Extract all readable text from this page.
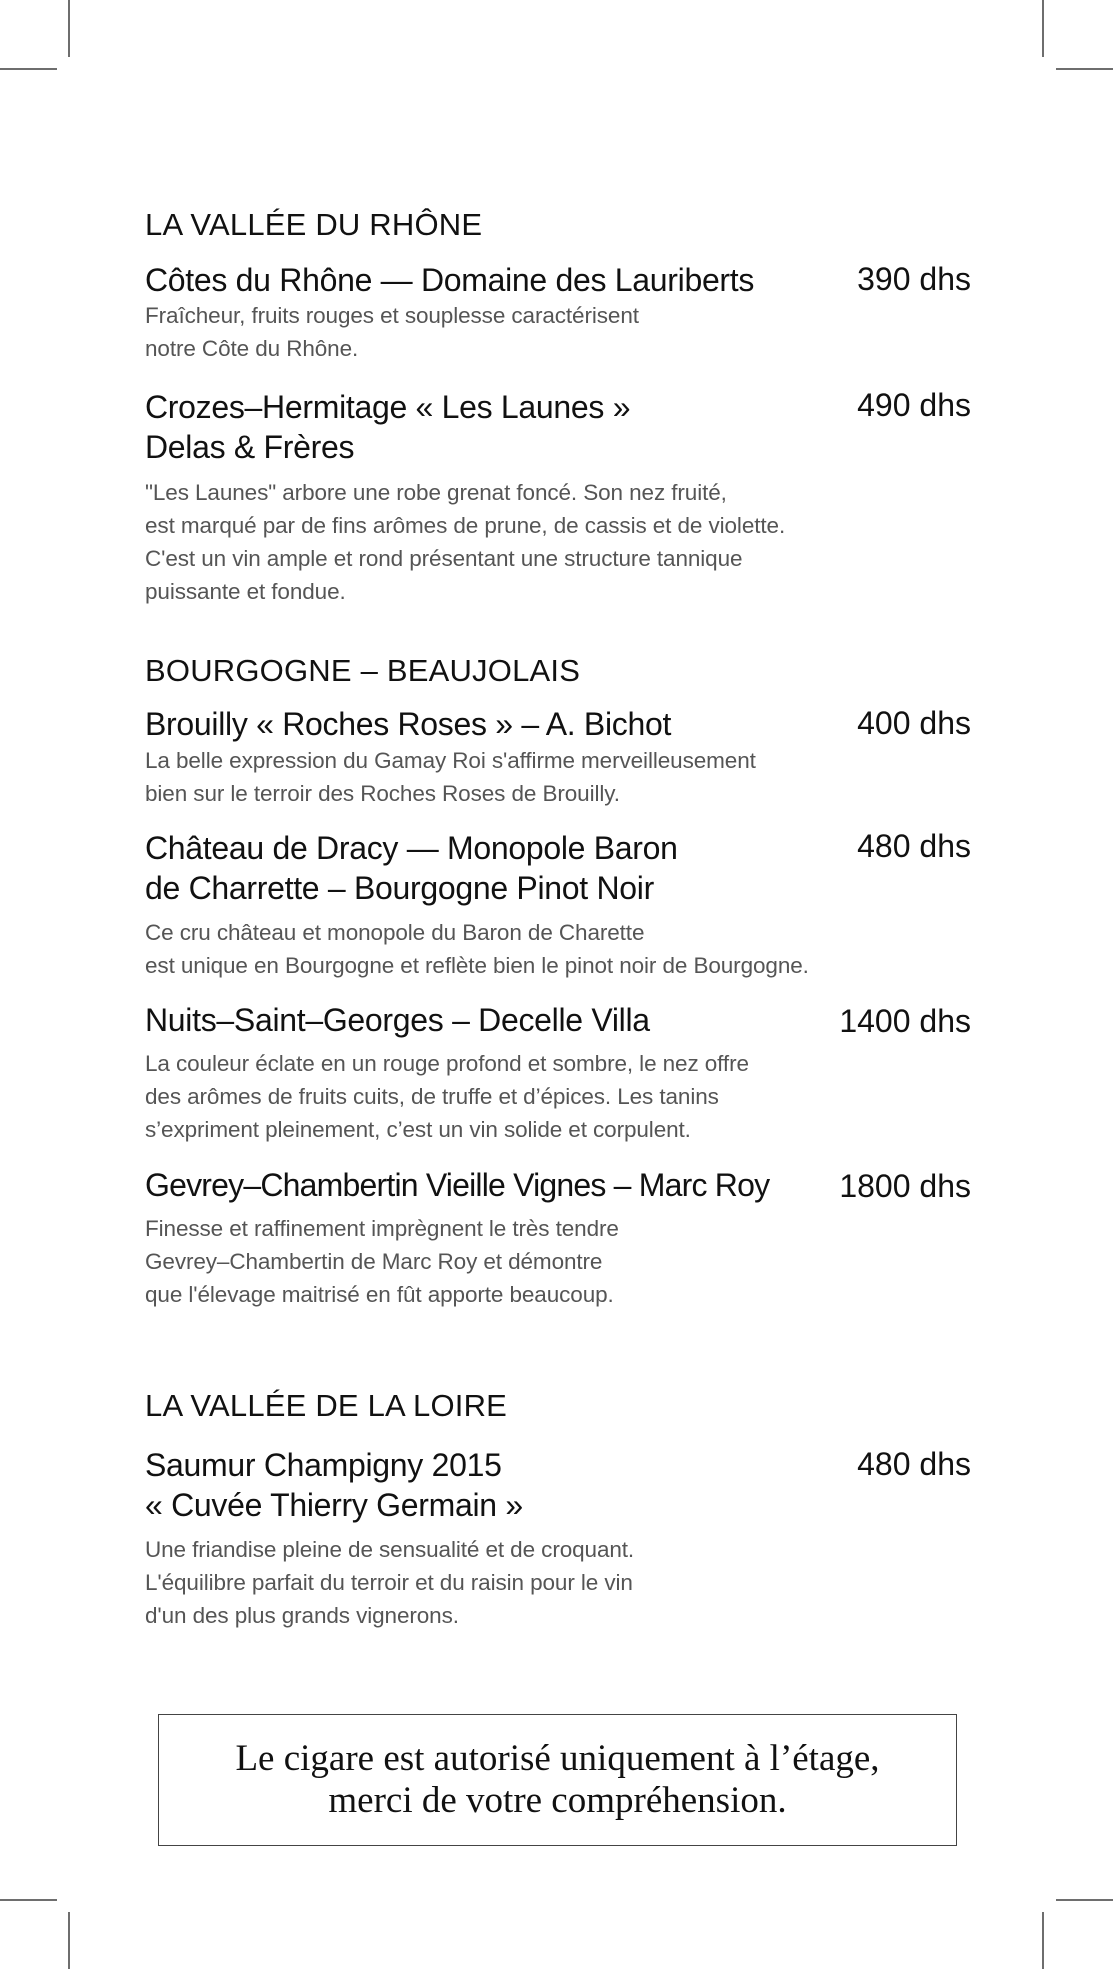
LA VALLÉE DU RHÔNE
Côtes du Rhône — Domaine des Lauriberts	390 dhs
Fraîcheur, fruits rouges et souplesse caractérisent
notre Côte du Rhône.
Crozes–Hermitage « Les Launes »
Delas & Frères
490 dhs
"Les Launes" arbore une robe grenat foncé. Son nez fruité,
est marqué par de fins arômes de prune, de cassis et de violette.
C'est un vin ample et rond présentant une structure tannique
puissante et fondue.
BOURGOGNE – BEAUJOLAIS
Brouilly « Roches Roses » – A. Bichot	400 dhs
La belle expression du Gamay Roi s'affirme merveilleusement
bien sur le terroir des Roches Roses de Brouilly.
Château de Dracy — Monopole Baron
de Charrette – Bourgogne Pinot Noir
480 dhs
Ce cru château et monopole du Baron de Charette
est unique en Bourgogne et reflète bien le pinot noir de Bourgogne.
Nuits–Saint–Georges – Decelle Villa	1400 dhs
La couleur éclate en un rouge profond et sombre, le nez offre
des arômes de fruits cuits, de truffe et d’épices. Les tanins
s’expriment pleinement, c’est un vin solide et corpulent.
Gevrey–Chambertin Vieille Vignes – Marc Roy 1800 dhs
Finesse et raffinement imprègnent le très tendre
Gevrey–Chambertin de Marc Roy et démontre
que l'élevage maitrisé en fût apporte beaucoup.
LA VALLÉE DE LA LOIRE
Saumur Champigny 2015
« Cuvée Thierry Germain »
480 dhs
Une friandise pleine de sensualité et de croquant.
L'équilibre parfait du terroir et du raisin pour le vin
d'un des plus grands vignerons.
Le cigare est autorisé uniquement à l’étage,
merci de votre compréhension.
